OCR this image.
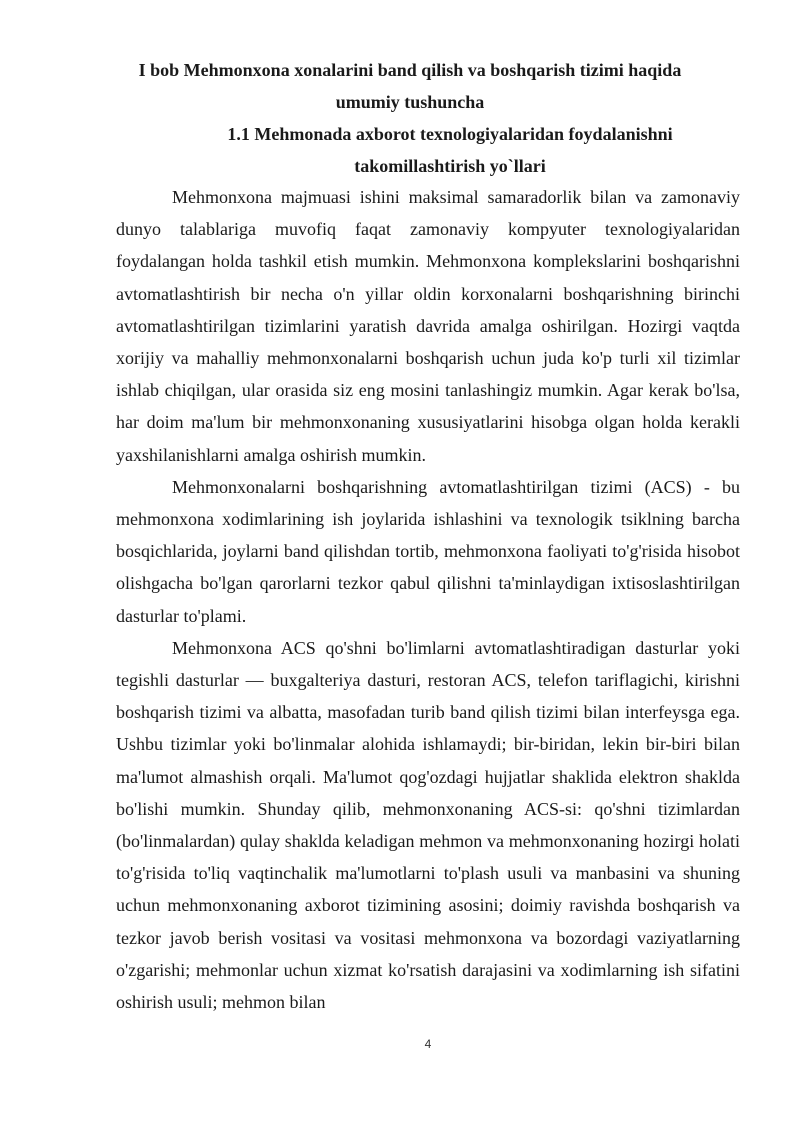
I bob Mehmonxona xonalarini band qilish va boshqarish tizimi haqida umumiy tushuncha
1.1 Mehmonada axborot texnologiyalaridan foydalanishni takomillashtirish yo`llari

Mehmonxona majmuasi ishini maksimal samaradorlik bilan va zamonaviy dunyo talablariga muvofiq faqat zamonaviy kompyuter texnologiyalaridan foydalangan holda tashkil etish mumkin. Mehmonxona komplekslarini boshqarishni avtomatlashtirish bir necha o'n yillar oldin korxonalarni boshqarishning birinchi avtomatlashtirilgan tizimlarini yaratish davrida amalga oshirilgan. Hozirgi vaqtda xorijiy va mahalliy mehmonxonalarni boshqarish uchun juda ko'p turli xil tizimlar ishlab chiqilgan, ular orasida siz eng mosini tanlashingiz mumkin. Agar kerak bo'lsa, har doim ma'lum bir mehmonxonaning xususiyatlarini hisobga olgan holda kerakli yaxshilanishlarni amalga oshirish mumkin.

Mehmonxonalarni boshqarishning avtomatlashtirilgan tizimi (ACS) - bu mehmonxona xodimlarining ish joylarida ishlashini va texnologik tsiklning barcha bosqichlarida, joylarni band qilishdan tortib, mehmonxona faoliyati to'g'risida hisobot olishgacha bo'lgan qarorlarni tezkor qabul qilishni ta'minlaydigan ixtisoslashtirilgan dasturlar to'plami.

Mehmonxona ACS qo'shni bo'limlarni avtomatlashtiradigan dasturlar yoki tegishli dasturlar — buxgalteriya dasturi, restoran ACS, telefon tariflagichi, kirishni boshqarish tizimi va albatta, masofadan turib band qilish tizimi bilan interfeysga ega. Ushbu tizimlar yoki bo'linmalar alohida ishlamaydi; bir-biridan, lekin bir-biri bilan ma'lumot almashish orqali. Ma'lumot qog'ozdagi hujjatlar shaklida elektron shaklda bo'lishi mumkin. Shunday qilib, mehmonxonaning ACS-si: qo'shni tizimlardan (bo'linmalardan) qulay shaklda keladigan mehmon va mehmonxonaning hozirgi holati to'g'risida to'liq vaqtinchalik ma'lumotlarni to'plash usuli va manbasini va shuning uchun mehmonxonaning axborot tizimining asosini; doimiy ravishda boshqarish va tezkor javob berish vositasi va vositasi mehmonxona va bozordagi vaziyatlarning o'zgarishi; mehmonlar uchun xizmat ko'rsatish darajasini va xodimlarning ish sifatini oshirish usuli; mehmon bilan

4
